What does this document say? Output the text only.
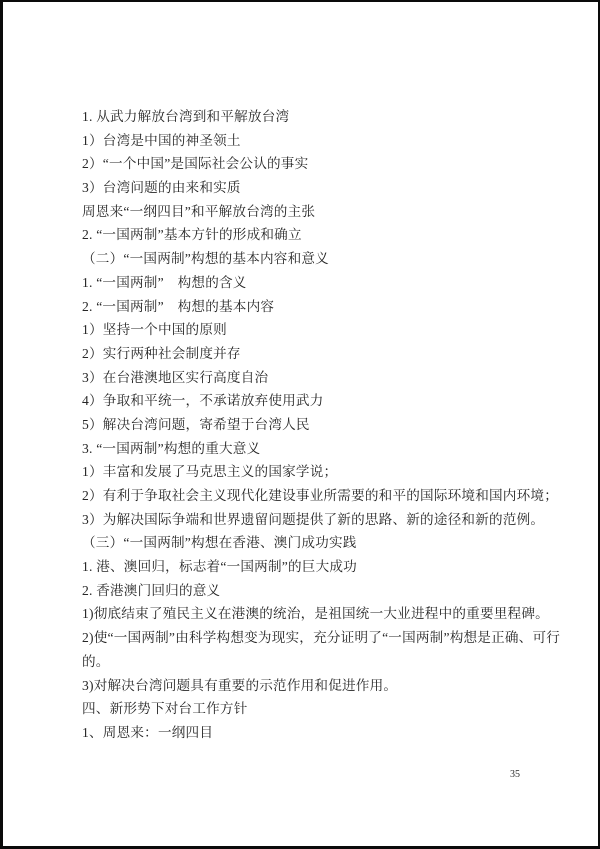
1. 从武力解放台湾到和平解放台湾
1）台湾是中国的神圣领土
2）“一个中国”是国际社会公认的事实
3）台湾问题的由来和实质
周恩来“一纲四目”和平解放台湾的主张
2. “一国两制”基本方针的形成和确立
（二）“一国两制”构想的基本内容和意义
1. “一国两制”　构想的含义
2. “一国两制”　构想的基本内容
1）坚持一个中国的原则
2）实行两种社会制度并存
3）在台港澳地区实行高度自治
4）争取和平统一，不承诺放弃使用武力
5）解决台湾问题，寄希望于台湾人民
3. “一国两制”构想的重大意义
1）丰富和发展了马克思主义的国家学说；
2）有利于争取社会主义现代化建设事业所需要的和平的国际环境和国内环境；
3）为解决国际争端和世界遗留问题提供了新的思路、新的途径和新的范例。
（三）“一国两制”构想在香港、澳门成功实践
1. 港、澳回归，标志着“一国两制”的巨大成功
2. 香港澳门回归的意义
1)彻底结束了殖民主义在港澳的统治，是祖国统一大业进程中的重要里程碑。
2)使“一国两制”由科学构想变为现实，充分证明了“一国两制”构想是正确、可行
的。
3)对解决台湾问题具有重要的示范作用和促进作用。
四、新形势下对台工作方针
1、周恩来：一纲四目
35
